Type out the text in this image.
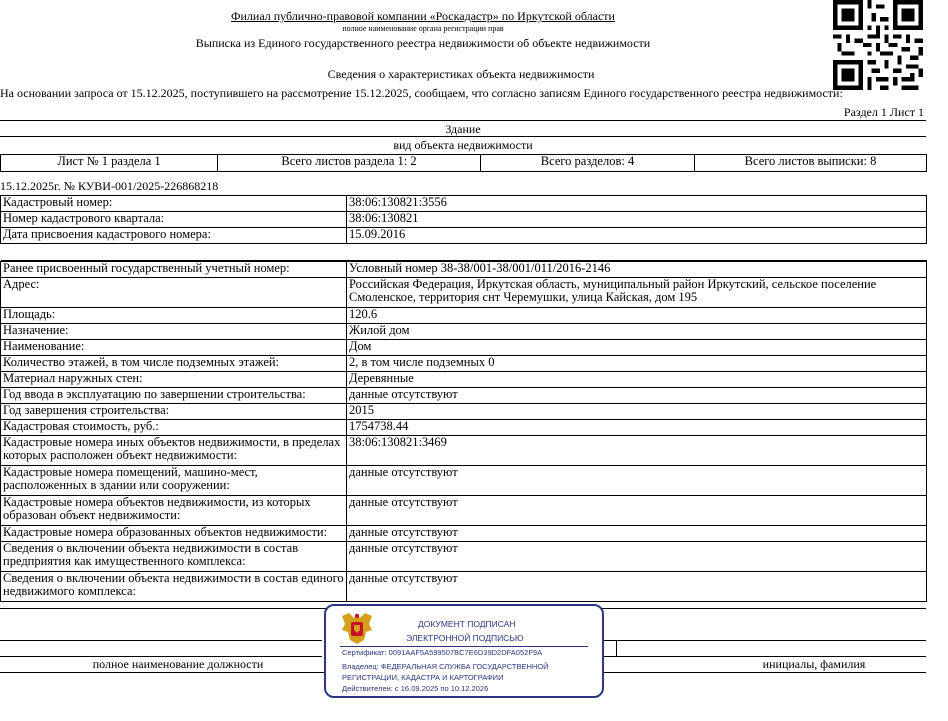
Филиал публично-правовой компании «Роскадастр» по Иркутской области
полное наименование органа регистрации прав
Выписка из Единого государственного реестра недвижимости об объекте недвижимости
Сведения о характеристиках объекта недвижимости
На основании запроса от 15.12.2025, поступившего на рассмотрение 15.12.2025, сообщаем, что согласно записям Единого государственного реестра недвижимости:
Раздел 1 Лист 1
Здание
вид объекта недвижимости
Лист № 1 раздела 1	Всего листов раздела 1: 2	Всего разделов: 4	Всего листов выписки: 8
15.12.2025г. № КУВИ-001/2025-226868218
Кадастровый номер:	38:06:130821:3556
Номер кадастрового квартала:	38:06:130821
Дата присвоения кадастрового номера:	15.09.2016

Ранее присвоенный государственный учетный номер:	Условный номер 38-38/001-38/001/011/2016-2146
Адрес:	Российская Федерация, Иркутская область, муниципальный район Иркутский, сельское поселение Смоленское, территория снт Черемушки, улица Кайская, дом 195
Площадь:	120.6
Назначение:	Жилой дом
Наименование:	Дом
Количество этажей, в том числе подземных этажей:	2, в том числе подземных 0
Материал наружных стен:	Деревянные
Год ввода в эксплуатацию по завершении строительства:	данные отсутствуют
Год завершения строительства:	2015
Кадастровая стоимость, руб.:	1754738.44
Кадастровые номера иных объектов недвижимости, в пределах которых расположен объект недвижимости:	38:06:130821:3469
Кадастровые номера помещений, машино-мест, расположенных в здании или сооружении:	данные отсутствуют
Кадастровые номера объектов недвижимости, из которых образован объект недвижимости:	данные отсутствуют
Кадастровые номера образованных объектов недвижимости:	данные отсутствуют
Сведения о включении объекта недвижимости в состав предприятия как имущественного комплекса:	данные отсутствуют
Сведения о включении объекта недвижимости в состав единого недвижимого комплекса:	данные отсутствуют
полное наименование должности	инициалы, фамилия
ДОКУМЕНТ ПОДПИСАН
ЭЛЕКТРОННОЙ ПОДПИСЬЮ
Сертификат: 0091AAF5A599507BC7E6D39D2DFA052F9A
Владелец: ФЕДЕРАЛЬНАЯ СЛУЖБА ГОСУДАРСТВЕННОЙ
РЕГИСТРАЦИИ, КАДАСТРА И КАРТОГРАФИИ
Действителен: с 16.09.2025 по 10.12.2026
